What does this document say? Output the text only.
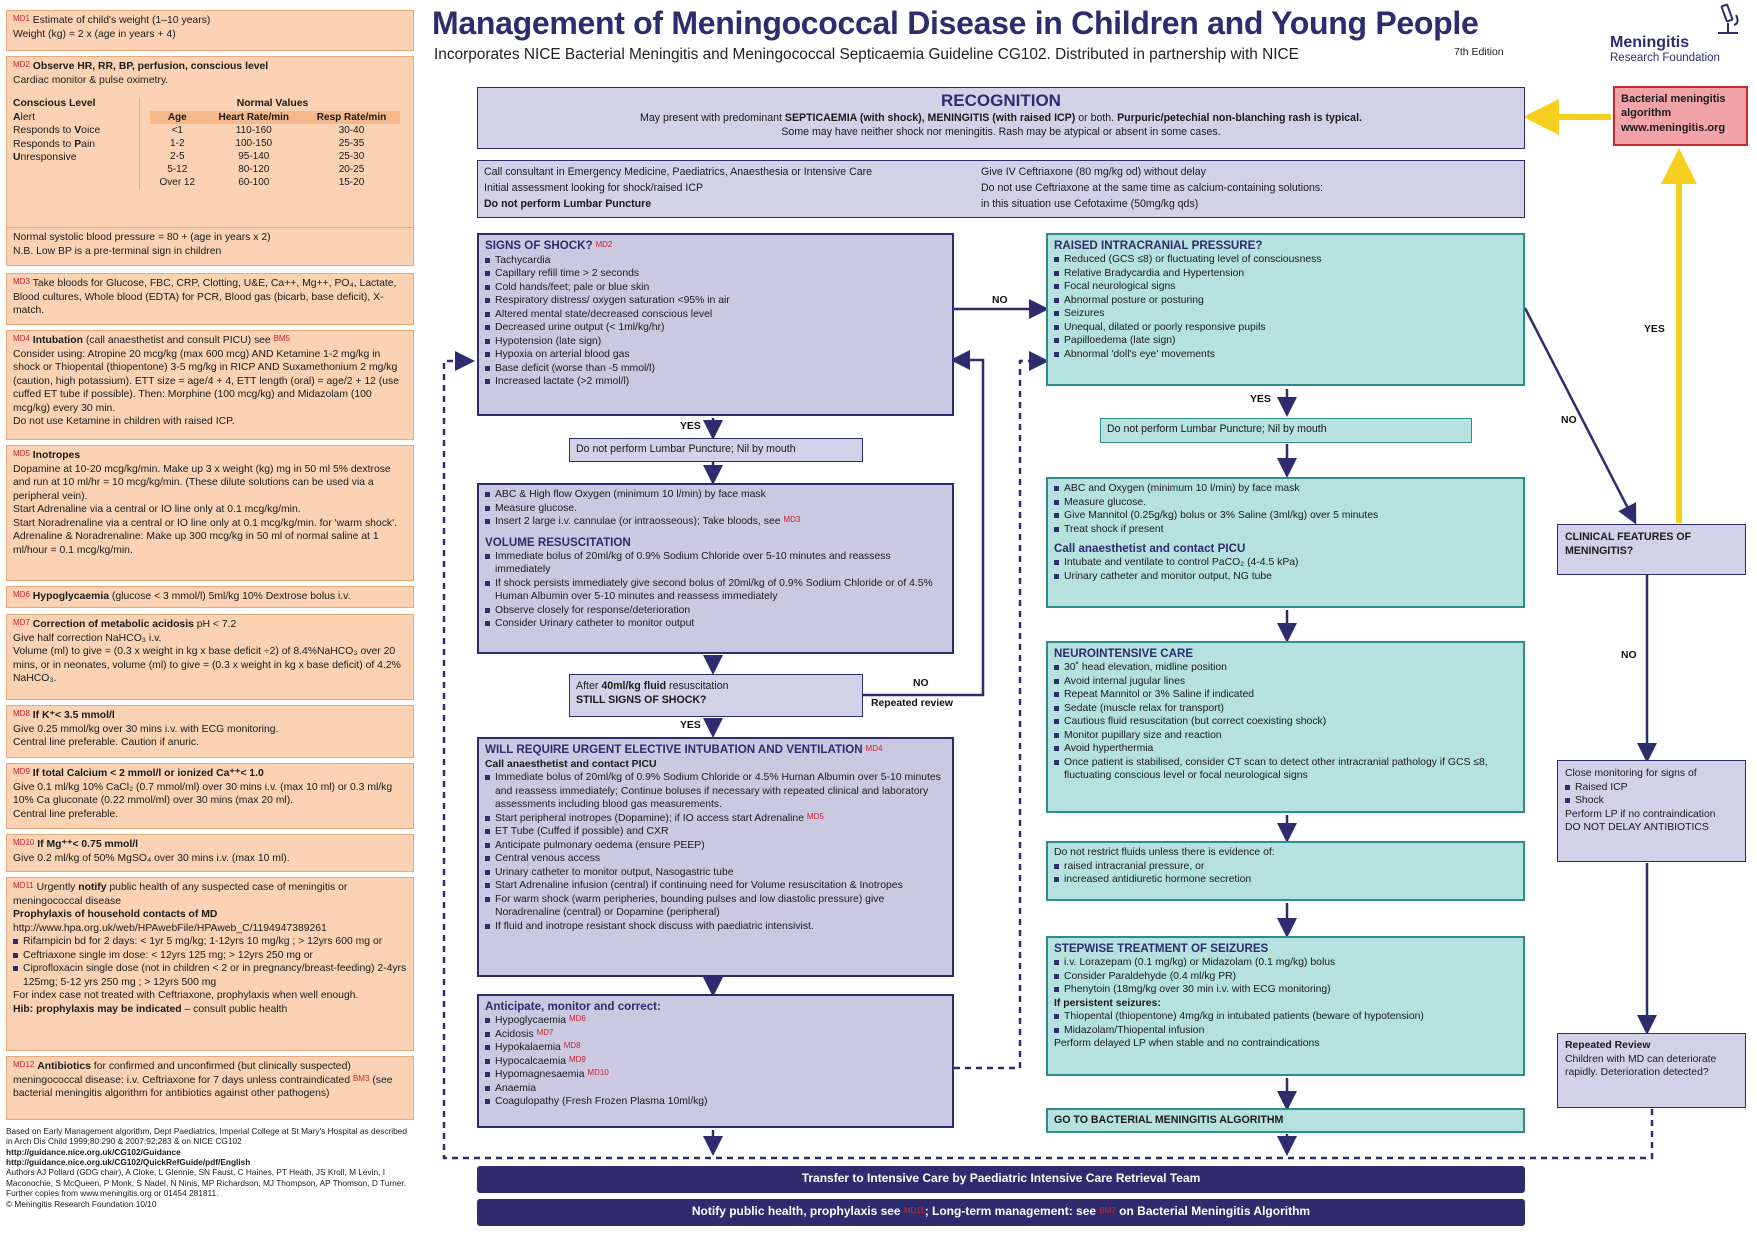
MD1 Estimate of child's weight (1–10 years)
Weight (kg) = 2 x (age in years + 4)
MD2 Observe HR, RR, BP, perfusion, conscious level
Cardiac monitor & pulse oximetry.
Conscious Level
Alert
Responds to Voice
Responds to Pain
Unresponsive
Normal Values
Age	Heart Rate/min	Resp Rate/min
<1	110-160	30-40
1-2	100-150	25-35
2-5	95-140	25-30
5-12	80-120	20-25
Over 12	60-100	15-20
Normal systolic blood pressure = 80 + (age in years x 2)
N.B. Low BP is a pre-terminal sign in children
MD3 Take bloods for Glucose, FBC, CRP, Clotting, U&E, Ca++, Mg++, PO₄, Lactate, Blood cultures, Whole blood (EDTA) for PCR, Blood gas (bicarb, base deficit), X-match.
MD4 Intubation (call anaesthetist and consult PICU) see BM5
Consider using: Atropine 20 mcg/kg (max 600 mcg) AND Ketamine 1-2 mg/kg in shock or Thiopental (thiopentone) 3-5 mg/kg in RICP AND Suxamethonium 2 mg/kg (caution, high potassium). ETT size = age/4 + 4, ETT length (oral) = age/2 + 12 (use cuffed ET tube if possible). Then: Morphine (100 mcg/kg) and Midazolam (100 mcg/kg) every 30 min.
Do not use Ketamine in children with raised ICP.
MD5 Inotropes
Dopamine at 10-20 mcg/kg/min. Make up 3 x weight (kg) mg in 50 ml 5% dextrose and run at 10 ml/hr = 10 mcg/kg/min. (These dilute solutions can be used via a peripheral vein).
Start Adrenaline via a central or IO line only at 0.1 mcg/kg/min.
Start Noradrenaline via a central or IO line only at 0.1 mcg/kg/min. for 'warm shock'.
Adrenaline & Noradrenaline: Make up 300 mcg/kg in 50 ml of normal saline at 1 ml/hour = 0.1 mcg/kg/min.
MD6 Hypoglycaemia (glucose < 3 mmol/l) 5ml/kg 10% Dextrose bolus i.v.
MD7 Correction of metabolic acidosis pH < 7.2
Give half correction NaHCO₃ i.v.
Volume (ml) to give = (0.3 x weight in kg x base deficit ÷2) of 8.4%NaHCO₃ over 20 mins, or in neonates, volume (ml) to give = (0.3 x weight in kg x base deficit) of 4.2% NaHCO₃.
MD8 If K⁺< 3.5 mmol/l
Give 0.25 mmol/kg over 30 mins i.v. with ECG monitoring.
Central line preferable. Caution if anuric.
MD9 If total Calcium < 2 mmol/l or ionized Ca⁺⁺< 1.0
Give 0.1 ml/kg 10% CaCl₂ (0.7 mmol/ml) over 30 mins i.v. (max 10 ml) or 0.3 ml/kg 10% Ca gluconate (0.22 mmol/ml) over 30 mins (max 20 ml).
Central line preferable.
MD10 If Mg⁺⁺< 0.75 mmol/l
Give 0.2 ml/kg of 50% MgSO₄ over 30 mins i.v. (max 10 ml).
MD11 Urgently notify public health of any suspected case of meningitis or meningococcal disease
Prophylaxis of household contacts of MD
http://www.hpa.org.uk/web/HPAwebFile/HPAweb_C/1194947389261
Rifampicin bd for 2 days: < 1yr 5 mg/kg; 1-12yrs 10 mg/kg ; > 12yrs 600 mg or
Ceftriaxone single im dose: < 12yrs 125 mg; > 12yrs 250 mg or
Ciprofloxacin single dose (not in children < 2 or in pregnancy/breast-feeding) 2-4yrs 125mg; 5-12 yrs 250 mg ; > 12yrs 500 mg
For index case not treated with Ceftriaxone, prophylaxis when well enough.
Hib: prophylaxis may be indicated – consult public health
MD12 Antibiotics for confirmed and unconfirmed (but clinically suspected) meningococcal disease: i.v. Ceftriaxone for 7 days unless contraindicated BM3 (see bacterial meningitis algorithm for antibiotics against other pathogens)
Based on Early Management algorithm, Dept Paediatrics, Imperial College at St Mary's Hospital as described in Arch Dis Child 1999;80:290 & 2007;92;283 & on NICE CG102
http://guidance.nice.org.uk/CG102/Guidance
http://guidance.nice.org.uk/CG102/QuickRefGuide/pdf/English
Authors AJ Pollard (GDG chair), A Cloke, L Glennie, SN Faust, C Haines, PT Heath, JS Kroll, M Levin, I Maconochie, S McQueen, P Monk, S Nadel, N Ninis, MP Richardson, MJ Thompson, AP Thomson, D Turner.
Further copies from www.meningitis.org or 01454 281811.
© Meningitis Research Foundation 10/10
Management of Meningococcal Disease in Children and Young People
Incorporates NICE Bacterial Meningitis and Meningococcal Septicaemia Guideline CG102. Distributed in partnership with NICE	7th Edition
Meningitis
Research Foundation
RECOGNITION
May present with predominant SEPTICAEMIA (with shock), MENINGITIS (with raised ICP) or both. Purpuric/petechial non-blanching rash is typical.
Some may have neither shock nor meningitis. Rash may be atypical or absent in some cases.
Call consultant in Emergency Medicine, Paediatrics, Anaesthesia or Intensive Care
Initial assessment looking for shock/raised ICP
Do not perform Lumbar Puncture
Give IV Ceftriaxone (80 mg/kg od) without delay
Do not use Ceftriaxone at the same time as calcium-containing solutions:
in this situation use Cefotaxime (50mg/kg qds)
SIGNS OF SHOCK? MD2
Tachycardia
Capillary refill time > 2 seconds
Cold hands/feet; pale or blue skin
Respiratory distress/ oxygen saturation <95% in air
Altered mental state/decreased conscious level
Decreased urine output (< 1ml/kg/hr)
Hypotension (late sign)
Hypoxia on arterial blood gas
Base deficit (worse than -5 mmol/l)
Increased lactate (>2 mmol/l)
YES
NO
Do not perform Lumbar Puncture; Nil by mouth
ABC & High flow Oxygen (minimum 10 l/min) by face mask
Measure glucose.
Insert 2 large i.v. cannulae (or intraosseous); Take bloods, see MD3
VOLUME RESUSCITATION
Immediate bolus of 20ml/kg of 0.9% Sodium Chloride over 5-10 minutes and reassess immediately
If shock persists immediately give second bolus of 20ml/kg of 0.9% Sodium Chloride or of 4.5% Human Albumin over 5-10 minutes and reassess immediately
Observe closely for response/deterioration
Consider Urinary catheter to monitor output
After 40ml/kg fluid resuscitation
STILL SIGNS OF SHOCK?
NO
Repeated review
YES
WILL REQUIRE URGENT ELECTIVE INTUBATION AND VENTILATION MD4
Call anaesthetist and contact PICU
Immediate bolus of 20ml/kg of 0.9% Sodium Chloride or 4.5% Human Albumin over 5-10 minutes and reassess immediately; Continue boluses if necessary with repeated clinical and laboratory assessments including blood gas measurements.
Start peripheral inotropes (Dopamine); if IO access start Adrenaline MD5
ET Tube (Cuffed if possible) and CXR
Anticipate pulmonary oedema (ensure PEEP)
Central venous access
Urinary catheter to monitor output, Nasogastric tube
Start Adrenaline infusion (central) if continuing need for Volume resuscitation & Inotropes
For warm shock (warm peripheries, bounding pulses and low diastolic pressure) give Noradrenaline (central) or Dopamine (peripheral)
If fluid and inotrope resistant shock discuss with paediatric intensivist.
Anticipate, monitor and correct:
Hypoglycaemia MD6
Acidosis MD7
Hypokalaemia MD8
Hypocalcaemia MD9
Hypomagnesaemia MD10
Anaemia
Coagulopathy (Fresh Frozen Plasma 10ml/kg)
RAISED INTRACRANIAL PRESSURE?
Reduced (GCS ≤8) or fluctuating level of consciousness
Relative Bradycardia and Hypertension
Focal neurological signs
Abnormal posture or posturing
Seizures
Unequal, dilated or poorly responsive pupils
Papilloedema (late sign)
Abnormal 'doll's eye' movements
YES
Do not perform Lumbar Puncture; Nil by mouth
ABC and Oxygen (minimum 10 l/min) by face mask
Measure glucose.
Give Mannitol (0.25g/kg) bolus or 3% Saline (3ml/kg) over 5 minutes
Treat shock if present
Call anaesthetist and contact PICU
Intubate and ventilate to control PaCO₂ (4-4.5 kPa)
Urinary catheter and monitor output, NG tube
NEUROINTENSIVE CARE
30˚ head elevation, midline position
Avoid internal jugular lines
Repeat Mannitol or 3% Saline if indicated
Sedate (muscle relax for transport)
Cautious fluid resuscitation (but correct coexisting shock)
Monitor pupillary size and reaction
Avoid hyperthermia
Once patient is stabilised, consider CT scan to detect other intracranial pathology if GCS ≤8, fluctuating conscious level or focal neurological signs
Do not restrict fluids unless there is evidence of:
raised intracranial pressure, or
increased antidiuretic hormone secretion
STEPWISE TREATMENT OF SEIZURES
i.v. Lorazepam (0.1 mg/kg) or Midazolam (0.1 mg/kg) bolus
Consider Paraldehyde (0.4 ml/kg PR)
Phenytoin (18mg/kg over 30 min i.v. with ECG monitoring)
If persistent seizures:
Thiopental (thiopentone) 4mg/kg in intubated patients (beware of hypotension)
Midazolam/Thiopental infusion
Perform delayed LP when stable and no contraindications
GO TO BACTERIAL MENINGITIS ALGORITHM
Bacterial meningitis
algorithm
www.meningitis.org
YES
NO
CLINICAL FEATURES OF MENINGITIS?
NO
Close monitoring for signs of
Raised ICP
Shock
Perform LP if no contraindication
DO NOT DELAY ANTIBIOTICS
Repeated Review
Children with MD can deteriorate rapidly. Deterioration detected?
Transfer to Intensive Care by Paediatric Intensive Care Retrieval Team
Notify public health, prophylaxis see MD11; Long-term management: see BM7 on Bacterial Meningitis Algorithm
